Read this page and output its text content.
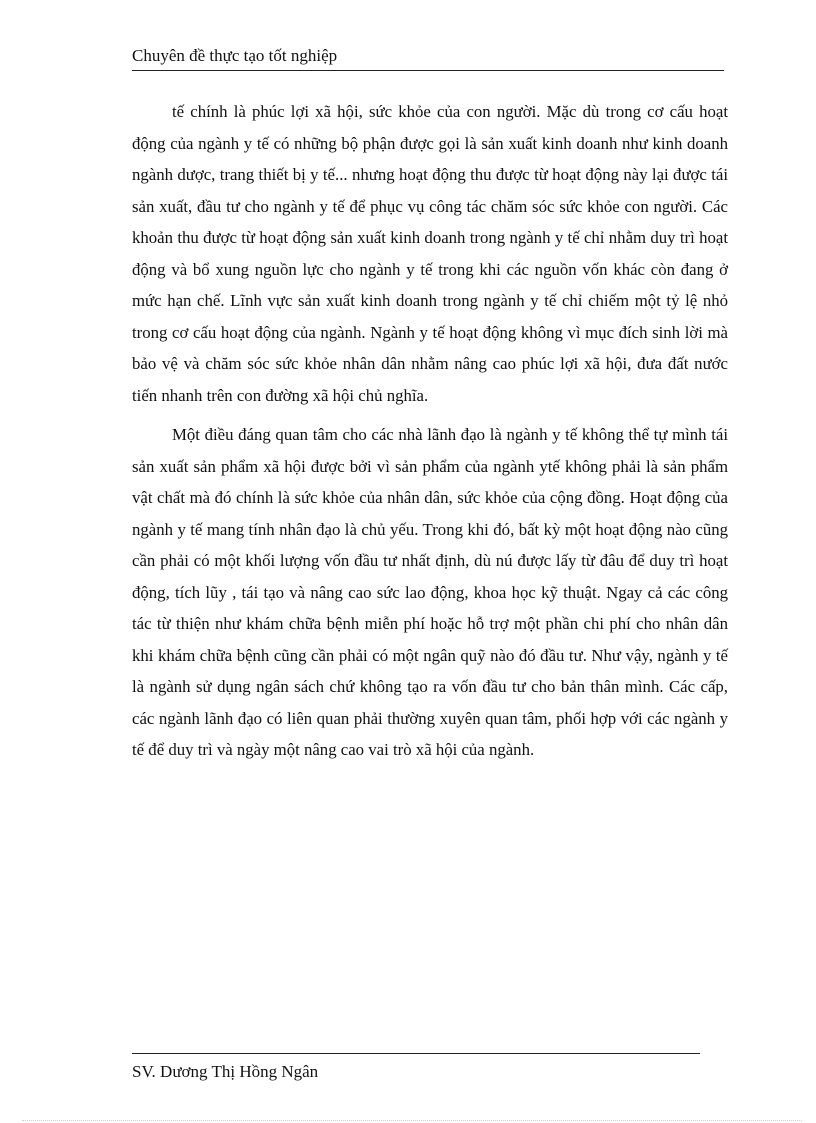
Chuyên đề thực tạo tốt nghiệp

tế chính là phúc lợi xã hội, sức khỏe của con người. Mặc dù trong cơ cấu hoạt động của ngành y tế có những bộ phận được gọi là sản xuất kinh doanh như kinh doanh ngành dược, trang thiết bị y tế... nhưng hoạt động thu được từ hoạt động này lại được tái sản xuất, đầu tư cho ngành y tế để phục vụ công tác chăm sóc sức khỏe con người. Các khoản thu được từ hoạt động sản xuất kinh doanh trong ngành y tế chỉ nhằm duy trì hoạt động và bổ xung nguồn lực cho ngành y tế trong khi các nguồn vốn khác còn đang ở mức hạn chế. Lĩnh vực sản xuất kinh doanh trong ngành y tế chỉ chiếm một tỷ lệ nhỏ trong cơ cấu hoạt động của ngành. Ngành y tế hoạt động không vì mục đích sinh lời mà bảo vệ và chăm sóc sức khỏe nhân dân nhằm nâng cao phúc lợi xã hội, đưa đất nước tiến nhanh trên con đường xã hội chủ nghĩa.

Một điều đáng quan tâm cho các nhà lãnh đạo là ngành y tế không thể tự mình tái sản xuất sản phẩm xã hội được bởi vì sản phẩm của ngành ytế không phải là sản phẩm vật chất mà đó chính là sức khỏe của nhân dân, sức khỏe của cộng đồng. Hoạt động của ngành y tế mang tính nhân đạo là chủ yếu. Trong khi đó, bất kỳ một hoạt động nào cũng cần phải có một khối lượng vốn đầu tư nhất định, dù nú được lấy từ đâu để duy trì hoạt động, tích lũy , tái tạo và nâng cao sức lao động, khoa học kỹ thuật. Ngay cả các công tác từ thiện như khám chữa bệnh miễn phí hoặc hỗ trợ một phần chi phí cho nhân dân khi khám chữa bệnh cũng cần phải có một ngân quỹ nào đó đầu tư. Như vậy, ngành y tế là ngành sử dụng ngân sách chứ không tạo ra vốn đầu tư cho bản thân mình. Các cấp, các ngành lãnh đạo có liên quan phải thường xuyên quan tâm, phối hợp với các ngành y tế để duy trì và ngày một nâng cao vai trò xã hội của ngành.

SV. Dương Thị Hồng Ngân
